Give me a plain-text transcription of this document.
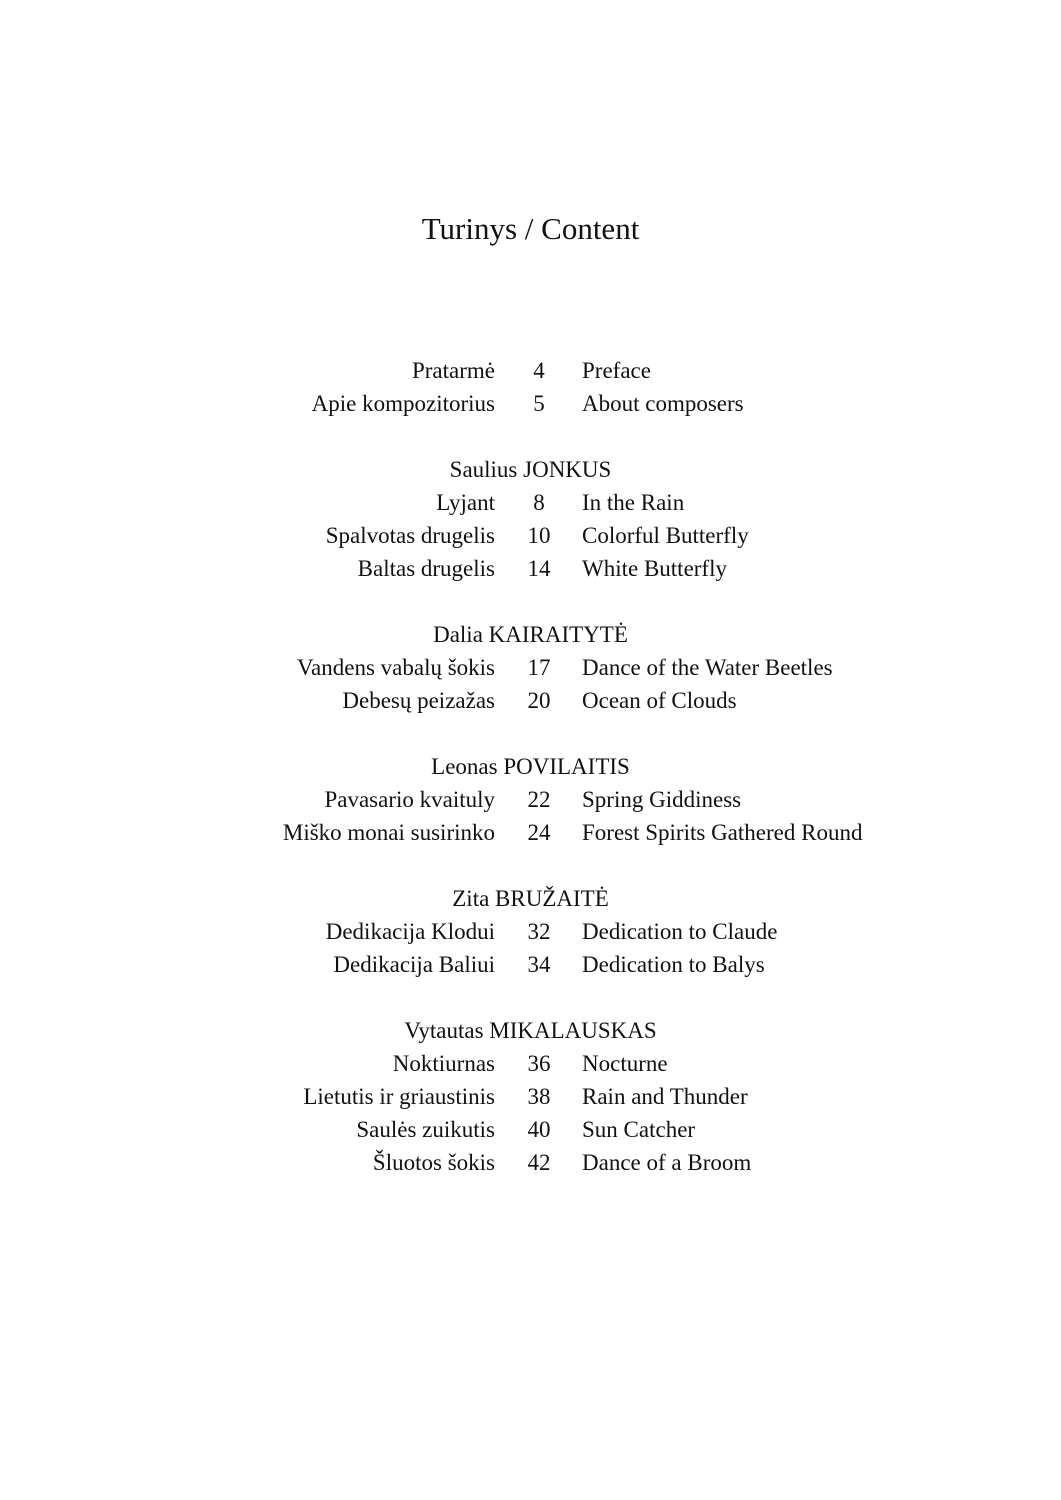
Turinys / Content
Pratarmė	4	Preface
Apie kompozitorius	5	About composers
Saulius JONKUS
Lyjant	8	In the Rain
Spalvotas drugelis	10	Colorful Butterfly
Baltas drugelis	14	White Butterfly
Dalia KAIRAITYTĖ
Vandens vabalų šokis	17	Dance of the Water Beetles
Debesų peizažas	20	Ocean of Clouds
Leonas POVILAITIS
Pavasario kvaituly	22	Spring Giddiness
Miško monai susirinko	24	Forest Spirits Gathered Round
Zita BRUŽAITĖ
Dedikacija Klodui	32	Dedication to Claude
Dedikacija Baliui	34	Dedication to Balys
Vytautas MIKALAUSKAS
Noktiurnas	36	Nocturne
Lietutis ir griaustinis	38	Rain and Thunder
Saulės zuikutis	40	Sun Catcher
Šluotos šokis	42	Dance of a Broom
